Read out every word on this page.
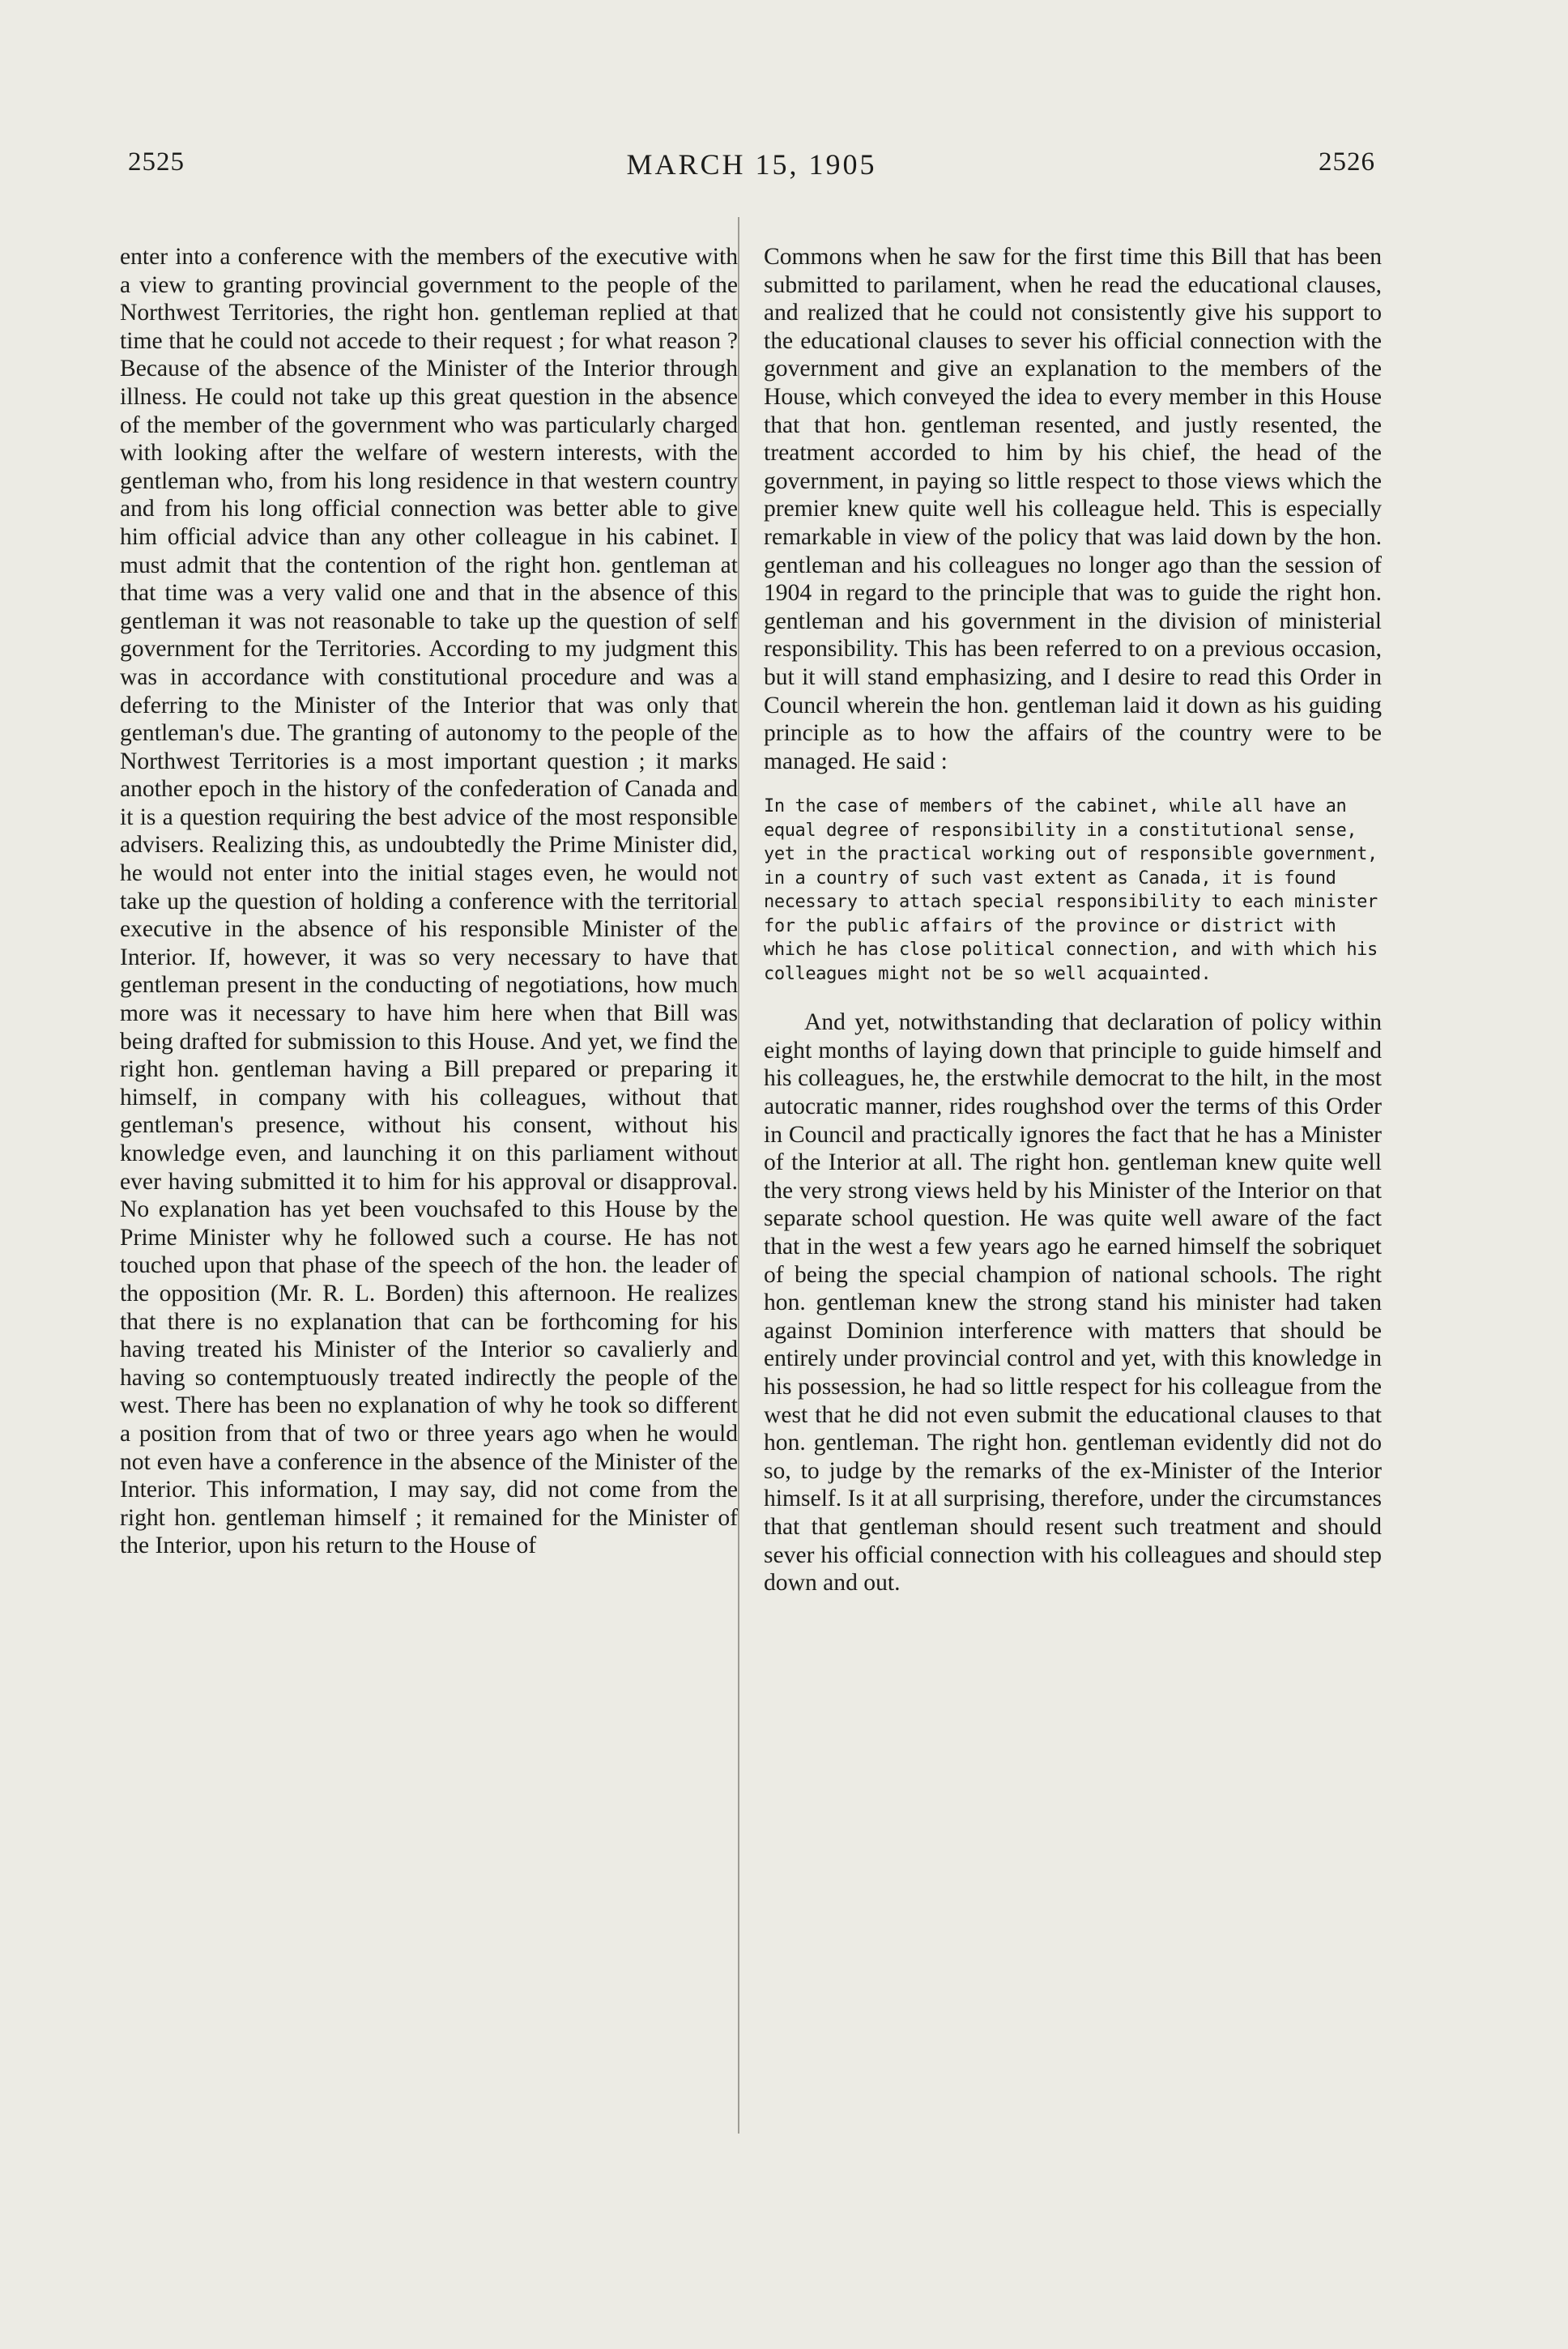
2525	MARCH 15, 1905	2526

enter into a conference with the members of the executive with a view to granting provincial government to the people of the Northwest Territories, the right hon. gentleman replied at that time that he could not accede to their request ; for what reason ? Because of the absence of the Minister of the Interior through illness. He could not take up this great question in the absence of the member of the government who was particularly charged with looking after the welfare of western interests, with the gentleman who, from his long residence in that western country and from his long official connection was better able to give him official advice than any other colleague in his cabinet. I must admit that the contention of the right hon. gentleman at that time was a very valid one and that in the absence of this gentleman it was not reasonable to take up the question of self government for the Territories. According to my judgment this was in accordance with constitutional procedure and was a deferring to the Minister of the Interior that was only that gentleman's due. The granting of autonomy to the people of the Northwest Territories is a most important question ; it marks another epoch in the history of the confederation of Canada and it is a question requiring the best advice of the most responsible advisers. Realizing this, as undoubtedly the Prime Minister did, he would not enter into the initial stages even, he would not take up the question of holding a conference with the territorial executive in the absence of his responsible Minister of the Interior. If, however, it was so very necessary to have that gentleman present in the conducting of negotiations, how much more was it necessary to have him here when that Bill was being drafted for submission to this House. And yet, we find the right hon. gentleman having a Bill prepared or preparing it himself, in company with his colleagues, without that gentleman's presence, without his consent, without his knowledge even, and launching it on this parliament without ever having submitted it to him for his approval or disapproval. No explanation has yet been vouchsafed to this House by the Prime Minister why he followed such a course. He has not touched upon that phase of the speech of the hon. the leader of the opposition (Mr. R. L. Borden) this afternoon. He realizes that there is no explanation that can be forthcoming for his having treated his Minister of the Interior so cavalierly and having so contemptuously treated indirectly the people of the west. There has been no explanation of why he took so different a position from that of two or three years ago when he would not even have a conference in the absence of the Minister of the Interior. This information, I may say, did not come from the right hon. gentleman himself ; it remained for the Minister of the Interior, upon his return to the House of

Commons when he saw for the first time this Bill that has been submitted to parilament, when he read the educational clauses, and realized that he could not consistently give his support to the educational clauses to sever his official connection with the government and give an explanation to the members of the House, which conveyed the idea to every member in this House that that hon. gentleman resented, and justly resented, the treatment accorded to him by his chief, the head of the government, in paying so little respect to those views which the premier knew quite well his colleague held. This is especially remarkable in view of the policy that was laid down by the hon. gentleman and his colleagues no longer ago than the session of 1904 in regard to the principle that was to guide the right hon. gentleman and his government in the division of ministerial responsibility. This has been referred to on a previous occasion, but it will stand emphasizing, and I desire to read this Order in Council wherein the hon. gentleman laid it down as his guiding principle as to how the affairs of the country were to be managed. He said :

In the case of members of the cabinet, while all have an equal degree of responsibility in a constitutional sense, yet in the practical working out of responsible government, in a country of such vast extent as Canada, it is found necessary to attach special responsibility to each minister for the public affairs of the province or district with which he has close political connection, and with which his colleagues might not be so well acquainted.

And yet, notwithstanding that declaration of policy within eight months of laying down that principle to guide himself and his colleagues, he, the erstwhile democrat to the hilt, in the most autocratic manner, rides roughshod over the terms of this Order in Council and practically ignores the fact that he has a Minister of the Interior at all. The right hon. gentleman knew quite well the very strong views held by his Minister of the Interior on that separate school question. He was quite well aware of the fact that in the west a few years ago he earned himself the sobriquet of being the special champion of national schools. The right hon. gentleman knew the strong stand his minister had taken against Dominion interference with matters that should be entirely under provincial control and yet, with this knowledge in his possession, he had so little respect for his colleague from the west that he did not even submit the educational clauses to that hon. gentleman. The right hon. gentleman evidently did not do so, to judge by the remarks of the ex-Minister of the Interior himself. Is it at all surprising, therefore, under the circumstances that that gentleman should resent such treatment and should sever his official connection with his colleagues and should step down and out.
